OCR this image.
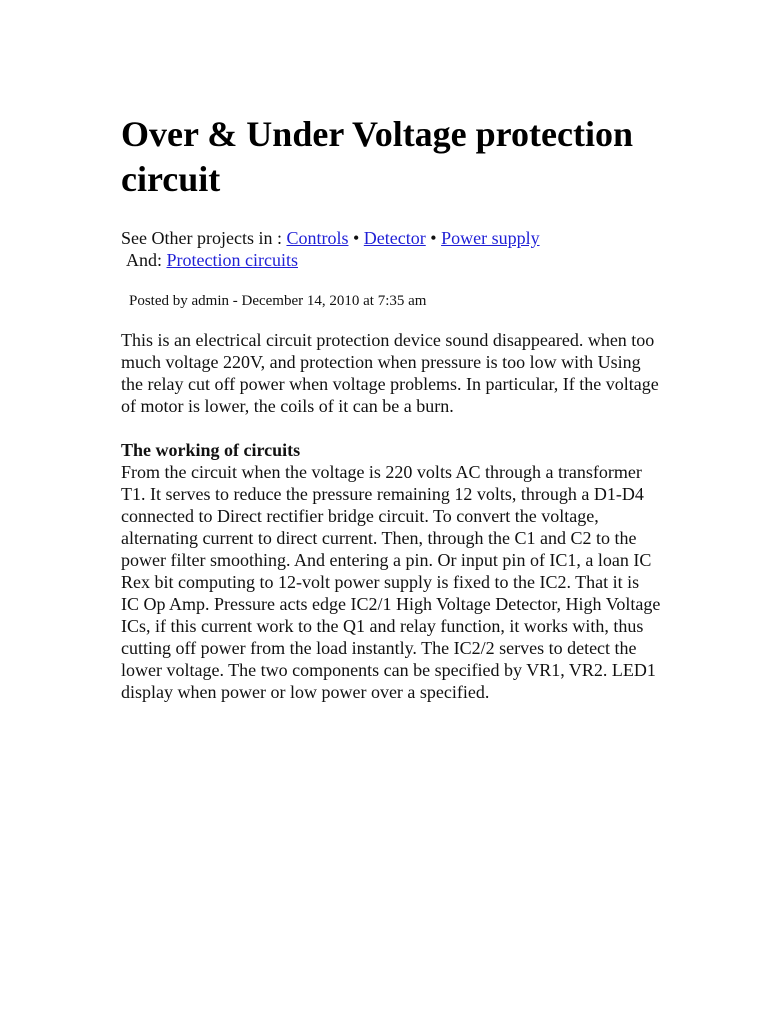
Over & Under Voltage protection circuit

See Other projects in : Controls • Detector • Power supply

And: Protection circuits

Posted by admin - December 14, 2010 at 7:35 am

This is an electrical circuit protection device sound disappeared. when too much voltage 220V, and protection when pressure is too low with Using the relay cut off power when voltage problems. In particular, If the voltage of motor is lower, the coils of it can be a burn.

The working of circuits

From the circuit when the voltage is 220 volts AC through a transformer T1. It serves to reduce the pressure remaining 12 volts, through a D1-D4 connected to Direct rectifier bridge circuit. To convert the voltage, alternating current to direct current. Then, through the C1 and C2 to the power filter smoothing. And entering a pin. Or input pin of IC1, a loan IC Rex bit computing to 12-volt power supply is fixed to the IC2. That it is IC Op Amp. Pressure acts edge IC2/1 High Voltage Detector, High Voltage ICs, if this current work to the Q1 and relay function, it works with, thus cutting off power from the load instantly. The IC2/2 serves to detect the lower voltage. The two components can be specified by VR1, VR2. LED1 display when power or low power over a specified.
